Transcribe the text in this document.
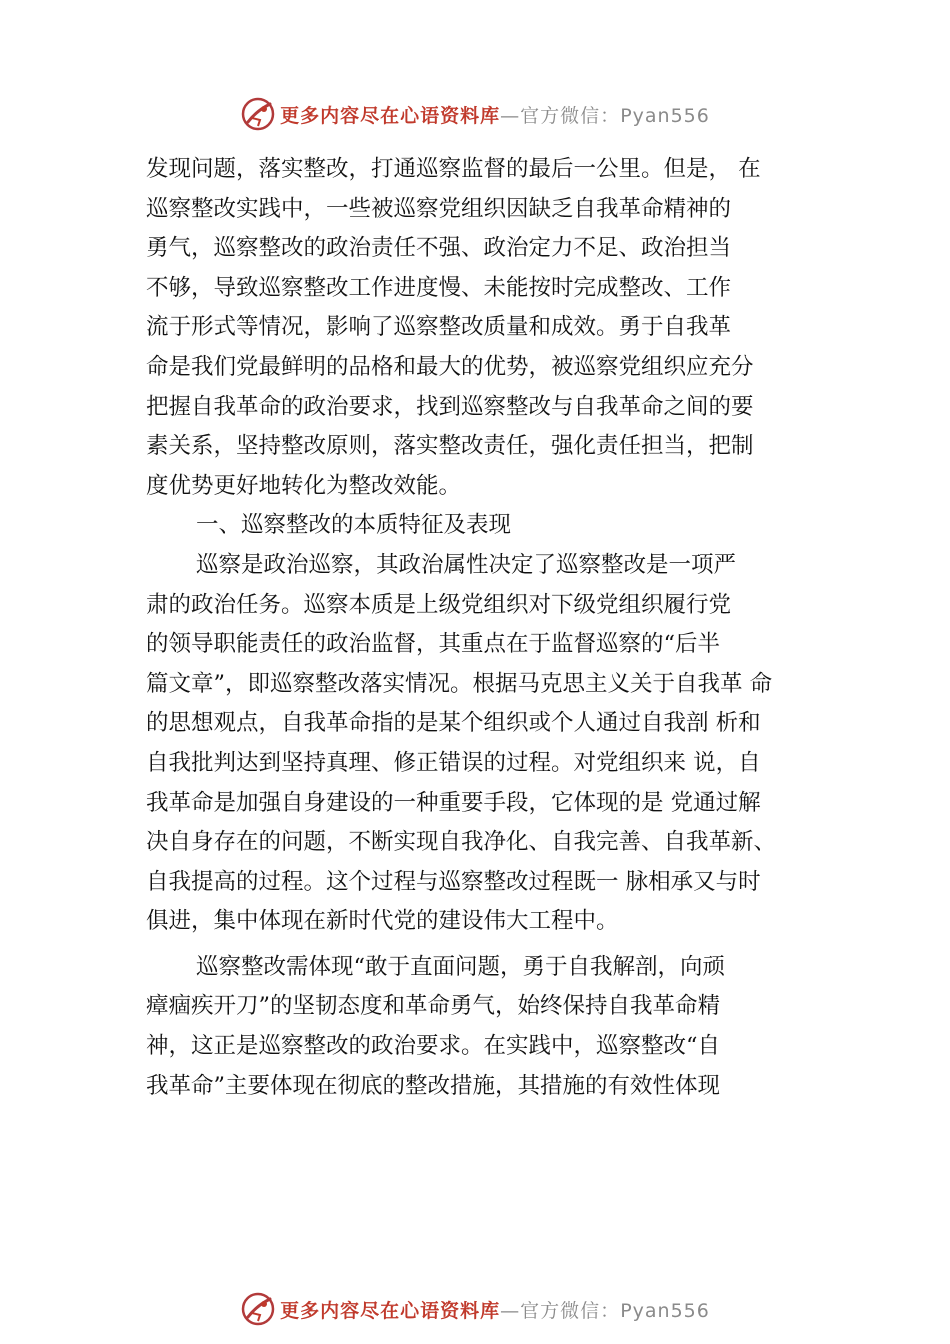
更多内容尽在心语资料库—官方微信：Pyan556
发现问题，落实整改，打通巡察监督的最后一公里。但是， 在
巡察整改实践中，一些被巡察党组织因缺乏自我革命精神的
勇气，巡察整改的政治责任不强、政治定力不足、政治担当
不够，导致巡察整改工作进度慢、未能按时完成整改、工作
流于形式等情况，影响了巡察整改质量和成效。勇于自我革
命是我们党最鲜明的品格和最大的优势，被巡察党组织应充分
把握自我革命的政治要求，找到巡察整改与自我革命之间的要
素关系，坚持整改原则，落实整改责任，强化责任担当，把制
度优势更好地转化为整改效能。
一、巡察整改的本质特征及表现
巡察是政治巡察，其政治属性决定了巡察整改是一项严
肃的政治任务。巡察本质是上级党组织对下级党组织履行党
的领导职能责任的政治监督，其重点在于监督巡察的“后半
篇文章”，即巡察整改落实情况。根据马克思主义关于自我革 命
的思想观点，自我革命指的是某个组织或个人通过自我剖 析和
自我批判达到坚持真理、修正错误的过程。对党组织来 说，自
我革命是加强自身建设的一种重要手段，它体现的是 党通过解
决自身存在的问题，不断实现自我净化、自我完善、自我革新、
自我提高的过程。这个过程与巡察整改过程既一 脉相承又与时
俱进，集中体现在新时代党的建设伟大工程中。
巡察整改需体现“敢于直面问题，勇于自我解剖，向顽
瘴痼疾开刀”的坚韧态度和革命勇气，始终保持自我革命精
神，这正是巡察整改的政治要求。在实践中，巡察整改“自
我革命”主要体现在彻底的整改措施，其措施的有效性体现
更多内容尽在心语资料库—官方微信：Pyan556
